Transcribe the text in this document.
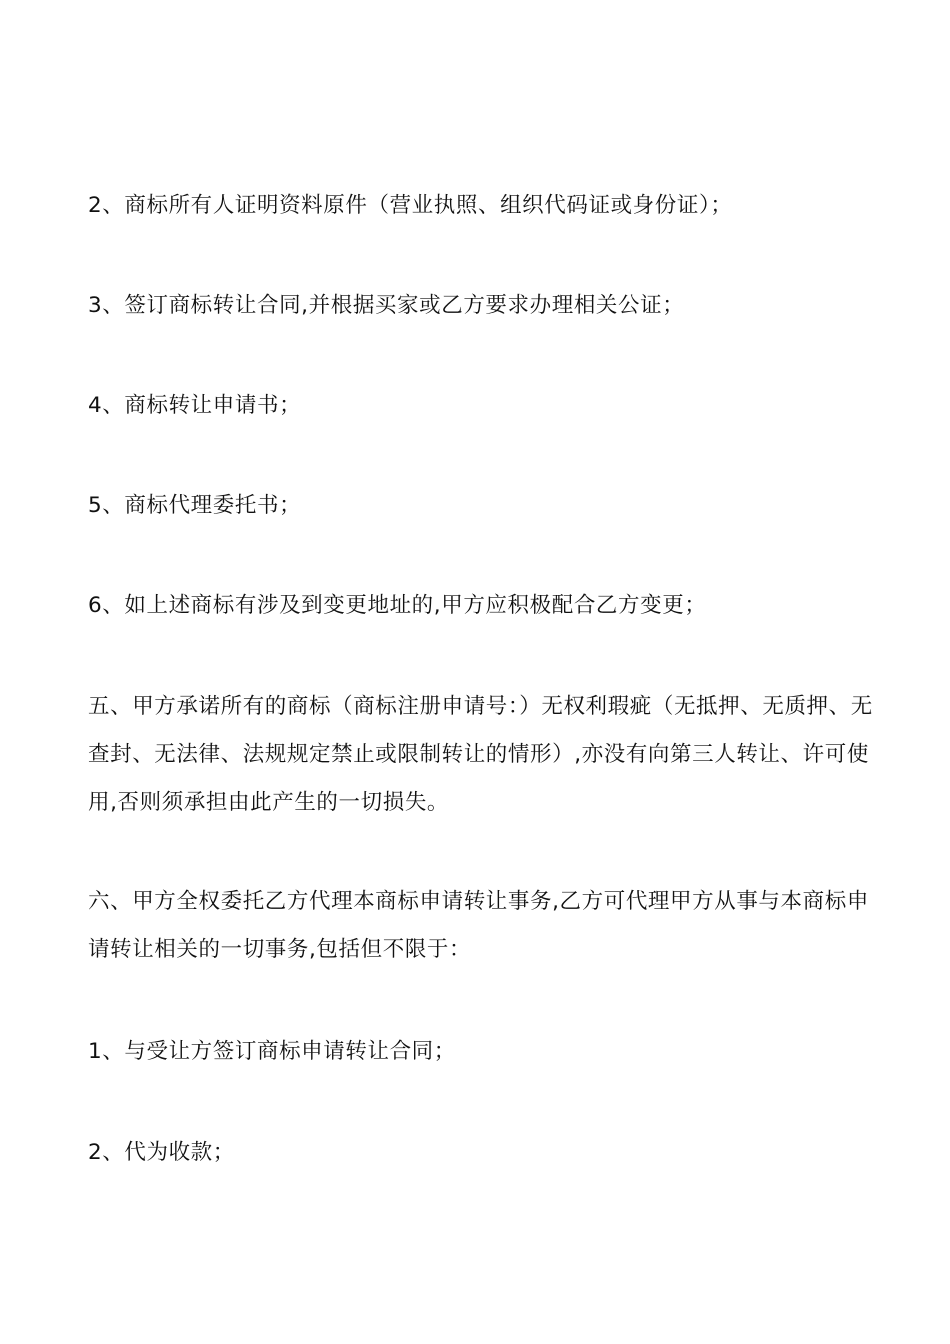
2、商标所有人证明资料原件（营业执照、组织代码证或身份证）；

3、签订商标转让合同,并根据买家或乙方要求办理相关公证；

4、商标转让申请书；

5、商标代理委托书；

6、如上述商标有涉及到变更地址的,甲方应积极配合乙方变更；

五、甲方承诺所有的商标（商标注册申请号：）无权利瑕疵（无抵押、无质押、无查封、无法律、法规规定禁止或限制转让的情形）,亦没有向第三人转让、许可使用,否则须承担由此产生的一切损失。

六、甲方全权委托乙方代理本商标申请转让事务,乙方可代理甲方从事与本商标申请转让相关的一切事务,包括但不限于：

1、与受让方签订商标申请转让合同；

2、代为收款；
